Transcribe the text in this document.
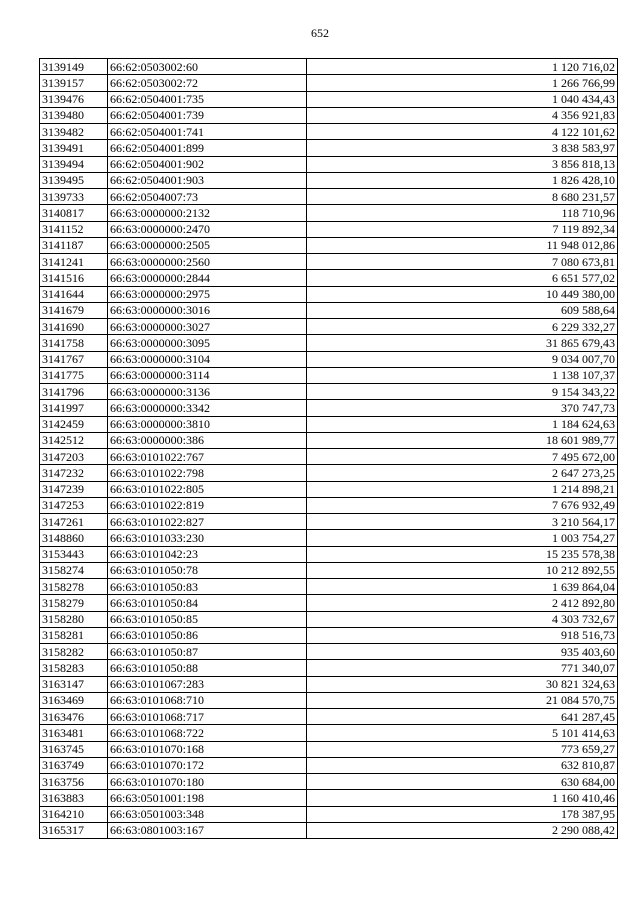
652
3139149	66:62:0503002:60	1 120 716,02
3139157	66:62:0503002:72	1 266 766,99
3139476	66:62:0504001:735	1 040 434,43
3139480	66:62:0504001:739	4 356 921,83
3139482	66:62:0504001:741	4 122 101,62
3139491	66:62:0504001:899	3 838 583,97
3139494	66:62:0504001:902	3 856 818,13
3139495	66:62:0504001:903	1 826 428,10
3139733	66:62:0504007:73	8 680 231,57
3140817	66:63:0000000:2132	118 710,96
3141152	66:63:0000000:2470	7 119 892,34
3141187	66:63:0000000:2505	11 948 012,86
3141241	66:63:0000000:2560	7 080 673,81
3141516	66:63:0000000:2844	6 651 577,02
3141644	66:63:0000000:2975	10 449 380,00
3141679	66:63:0000000:3016	609 588,64
3141690	66:63:0000000:3027	6 229 332,27
3141758	66:63:0000000:3095	31 865 679,43
3141767	66:63:0000000:3104	9 034 007,70
3141775	66:63:0000000:3114	1 138 107,37
3141796	66:63:0000000:3136	9 154 343,22
3141997	66:63:0000000:3342	370 747,73
3142459	66:63:0000000:3810	1 184 624,63
3142512	66:63:0000000:386	18 601 989,77
3147203	66:63:0101022:767	7 495 672,00
3147232	66:63:0101022:798	2 647 273,25
3147239	66:63:0101022:805	1 214 898,21
3147253	66:63:0101022:819	7 676 932,49
3147261	66:63:0101022:827	3 210 564,17
3148860	66:63:0101033:230	1 003 754,27
3153443	66:63:0101042:23	15 235 578,38
3158274	66:63:0101050:78	10 212 892,55
3158278	66:63:0101050:83	1 639 864,04
3158279	66:63:0101050:84	2 412 892,80
3158280	66:63:0101050:85	4 303 732,67
3158281	66:63:0101050:86	918 516,73
3158282	66:63:0101050:87	935 403,60
3158283	66:63:0101050:88	771 340,07
3163147	66:63:0101067:283	30 821 324,63
3163469	66:63:0101068:710	21 084 570,75
3163476	66:63:0101068:717	641 287,45
3163481	66:63:0101068:722	5 101 414,63
3163745	66:63:0101070:168	773 659,27
3163749	66:63:0101070:172	632 810,87
3163756	66:63:0101070:180	630 684,00
3163883	66:63:0501001:198	1 160 410,46
3164210	66:63:0501003:348	178 387,95
3165317	66:63:0801003:167	2 290 088,42
